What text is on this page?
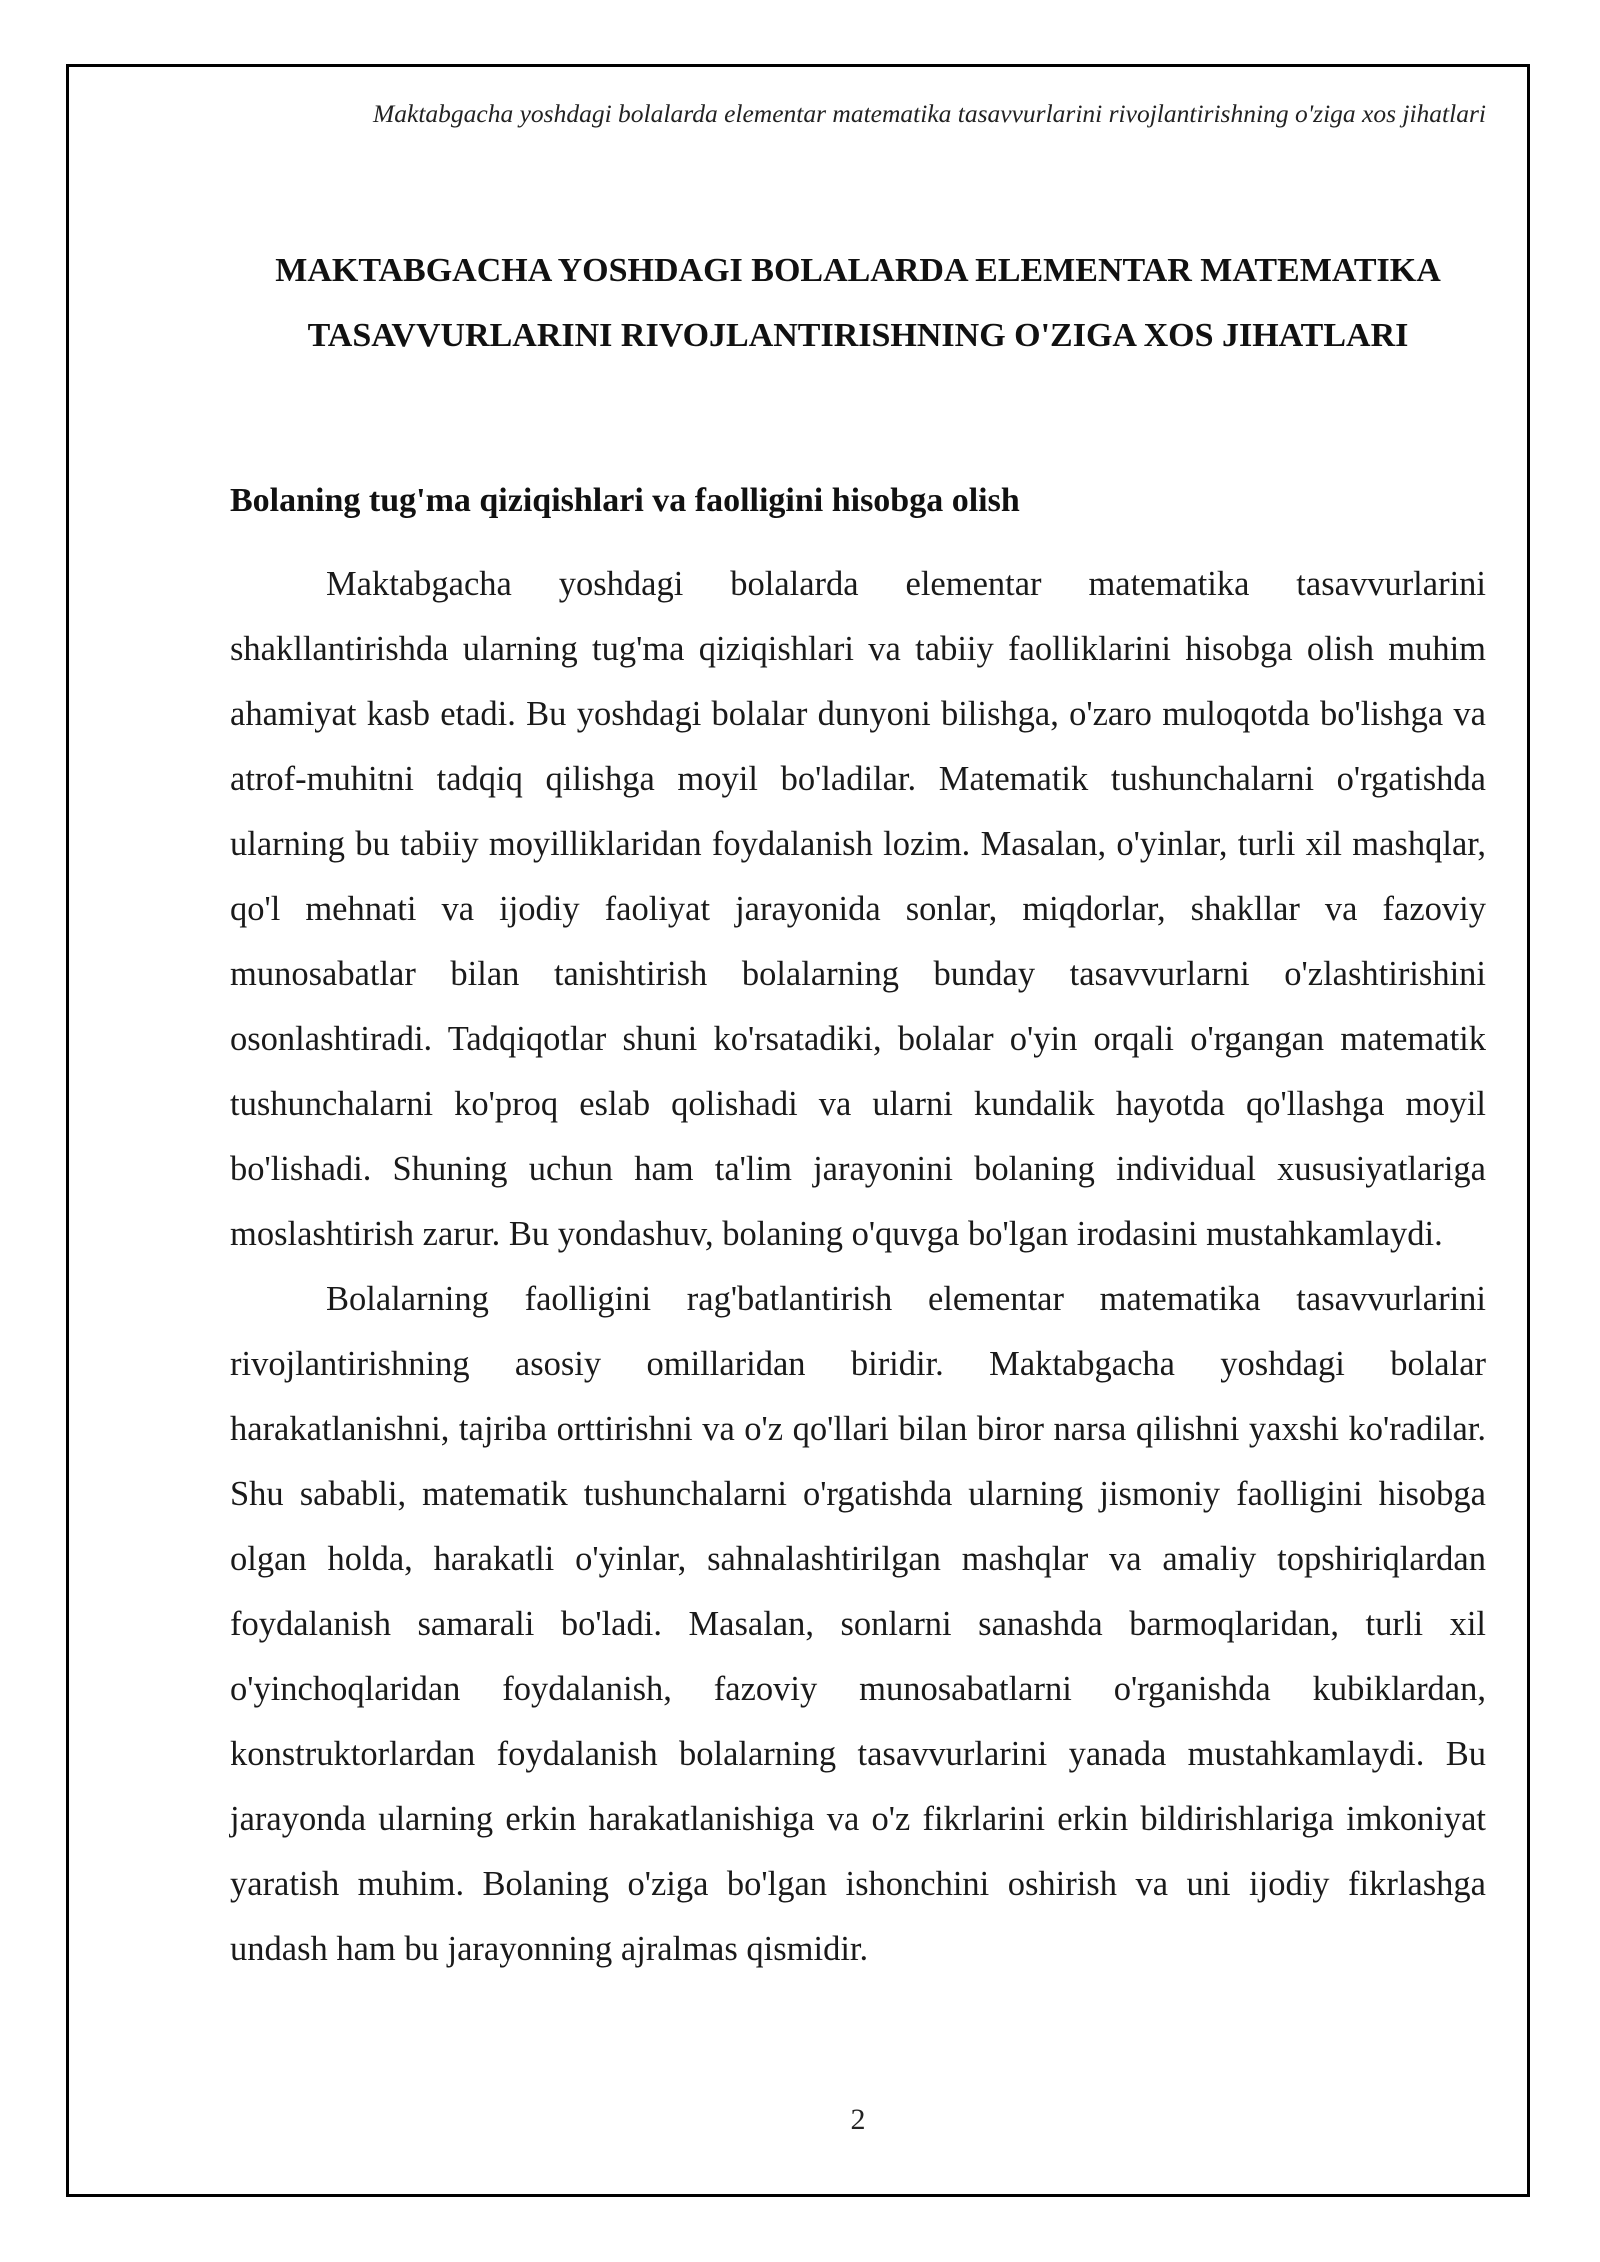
Maktabgacha yoshdagi bolalarda elementar matematika tasavvurlarini rivojlantirishning o'ziga xos jihatlari
MAKTABGACHA YOSHDAGI BOLALARDA ELEMENTAR MATEMATIKA TASAVVURLARINI RIVOJLANTIRISHNING O'ZIGA XOS JIHATLARI
Bolaning tug'ma qiziqishlari va faolligini hisobga olish

Maktabgacha yoshdagi bolalarda elementar matematika tasavvurlarini shakllantirishda ularning tug'ma qiziqishlari va tabiiy faolliklarini hisobga olish muhim ahamiyat kasb etadi. Bu yoshdagi bolalar dunyoni bilishga, o'zaro muloqotda bo'lishga va atrof-muhitni tadqiq qilishga moyil bo'ladilar. Matematik tushunchalarni o'rgatishda ularning bu tabiiy moyilliklaridan foydalanish lozim. Masalan, o'yinlar, turli xil mashqlar, qo'l mehnati va ijodiy faoliyat jarayonida sonlar, miqdorlar, shakllar va fazoviy munosabatlar bilan tanishtirish bolalarning bunday tasavvurlarni o'zlashtirishini osonlashtiradi. Tadqiqotlar shuni ko'rsatadiki, bolalar o'yin orqali o'rgangan matematik tushunchalarni ko'proq eslab qolishadi va ularni kundalik hayotda qo'llashga moyil bo'lishadi. Shuning uchun ham ta'lim jarayonini bolaning individual xususiyatlariga moslashtirish zarur. Bu yondashuv, bolaning o'quvga bo'lgan irodasini mustahkamlaydi.

Bolalarning faolligini rag'batlantirish elementar matematika tasavvurlarini rivojlantirishning asosiy omillaridan biridir. Maktabgacha yoshdagi bolalar harakatlanishni, tajriba orttirishni va o'z qo'llari bilan biror narsa qilishni yaxshi ko'radilar. Shu sababli, matematik tushunchalarni o'rgatishda ularning jismoniy faolligini hisobga olgan holda, harakatli o'yinlar, sahnalashtirilgan mashqlar va amaliy topshiriqlardan foydalanish samarali bo'ladi. Masalan, sonlarni sanashda barmoqlaridan, turli xil o'yinchoqlaridan foydalanish, fazoviy munosabatlarni o'rganishda kubiklardan, konstruktorlardan foydalanish bolalarning tasavvurlarini yanada mustahkamlaydi. Bu jarayonda ularning erkin harakatlanishiga va o'z fikrlarini erkin bildirishlariga imkoniyat yaratish muhim. Bolaning o'ziga bo'lgan ishonchini oshirish va uni ijodiy fikrlashga undash ham bu jarayonning ajralmas qismidir.

2
